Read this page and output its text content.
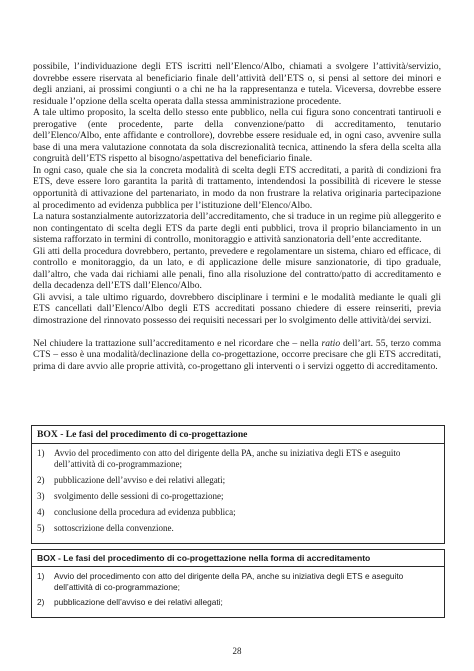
possibile, l’individuazione degli ETS iscritti nell’Elenco/Albo, chiamati a svolgere l’attività/servizio, dovrebbe essere riservata al beneficiario finale dell’attività dell’ETS o, si pensi al settore dei minori e degli anziani, ai prossimi congiunti o a chi ne ha la rappresentanza e tutela. Viceversa, dovrebbe essere residuale l’opzione della scelta operata dalla stessa amministrazione procedente.

A tale ultimo proposito, la scelta dello stesso ente pubblico, nella cui figura sono concentrati tantiruoli e prerogative (ente procedente, parte della convenzione/patto di accreditamento, tenutario dell’Elenco/Albo, ente affidante e controllore), dovrebbe essere residuale ed, in ogni caso, avvenire sulla base di una mera valutazione connotata da sola discrezionalità tecnica, attinendo la sfera della scelta alla congruità dell’ETS rispetto al bisogno/aspettativa del beneficiario finale.

In ogni caso, quale che sia la concreta modalità di scelta degli ETS accreditati, a parità di condizioni fra ETS, deve essere loro garantita la parità di trattamento, intendendosi la possibilità di ricevere le stesse opportunità di attivazione del partenariato, in modo da non frustrare la relativa originaria partecipazione al procedimento ad evidenza pubblica per l’istituzione dell’Elenco/Albo.

La natura sostanzialmente autorizzatoria dell’accreditamento, che si traduce in un regime più alleggerito e non contingentato di scelta degli ETS da parte degli enti pubblici, trova il proprio bilanciamento in un sistema rafforzato in termini di controllo, monitoraggio e attività sanzionatoria dell’ente accreditante.

Gli atti della procedura dovrebbero, pertanto, prevedere e regolamentare un sistema, chiaro ed efficace, di controllo e monitoraggio, da un lato, e di applicazione delle misure sanzionatorie, di tipo graduale, dall’altro, che vada dai richiami alle penali, fino alla risoluzione del contratto/patto di accreditamento e della decadenza dell’ETS dall’Elenco/Albo.

Gli avvisi, a tale ultimo riguardo, dovrebbero disciplinare i termini e le modalità mediante le quali gli ETS cancellati dall’Elenco/Albo degli ETS accreditati possano chiedere di essere reinseriti, previa dimostrazione del rinnovato possesso dei requisiti necessari per lo svolgimento delle attività/dei servizi.

Nel chiudere la trattazione sull’accreditamento e nel ricordare che – nella ratio dell’art. 55, terzo comma CTS – esso è una modalità/declinazione della co-progettazione, occorre precisare che gli ETS accreditati, prima di dare avvio alle proprie attività, co-progettano gli interventi o i servizi oggetto di accreditamento.

BOX - Le fasi del procedimento di co-progettazione
1)	Avvio del procedimento con atto del dirigente della PA, anche su iniziativa degli ETS e aseguito dell’attività di co-programmazione;
2)	pubblicazione dell’avviso e dei relativi allegati;
3)	svolgimento delle sessioni di co-progettazione;
4)	conclusione della procedura ad evidenza pubblica;
5)	sottoscrizione della convenzione.
BOX - Le fasi del procedimento di co-progettazione nella forma di accreditamento
1)	Avvio del procedimento con atto del dirigente della PA, anche su iniziativa degli ETS e aseguito dell’attività di co-programmazione;
2)	pubblicazione dell’avviso e dei relativi allegati;
28
